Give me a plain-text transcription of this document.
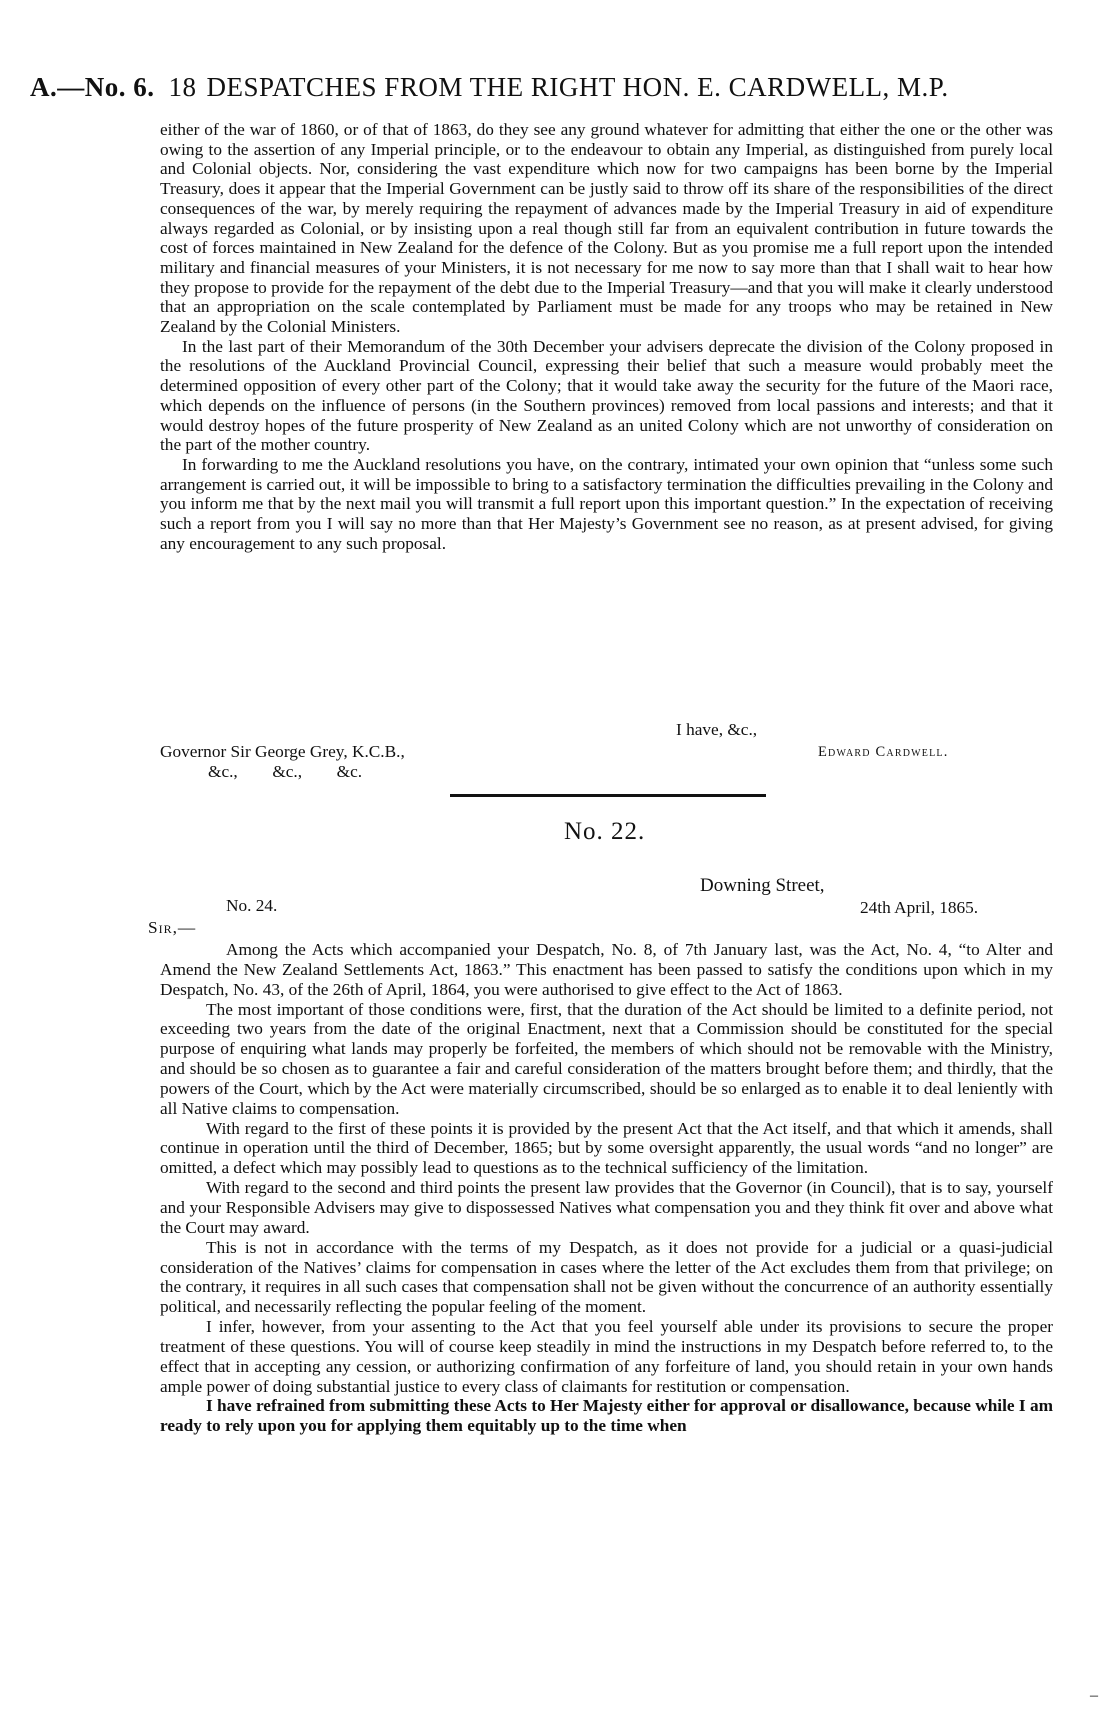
A.—No. 6. 18 DESPATCHES FROM THE RIGHT HON. E. CARDWELL, M.P.

either of the war of 1860, or of that of 1863, do they see any ground whatever for admitting that either the one or the other was owing to the assertion of any Imperial principle, or to the endeavour to obtain any Imperial, as distinguished from purely local and Colonial objects. Nor, considering the vast expenditure which now for two campaigns has been borne by the Imperial Treasury, does it appear that the Imperial Government can be justly said to throw off its share of the responsibilities of the direct consequences of the war, by merely requiring the repayment of advances made by the Imperial Treasury in aid of expenditure always regarded as Colonial, or by insisting upon a real though still far from an equivalent contribution in future towards the cost of forces maintained in New Zealand for the defence of the Colony. But as you promise me a full report upon the intended military and financial measures of your Ministers, it is not necessary for me now to say more than that I shall wait to hear how they propose to provide for the repayment of the debt due to the Imperial Treasury—and that you will make it clearly understood that an appropriation on the scale contemplated by Parliament must be made for any troops who may be retained in New Zealand by the Colonial Ministers.

In the last part of their Memorandum of the 30th December your advisers deprecate the division of the Colony proposed in the resolutions of the Auckland Provincial Council, expressing their belief that such a measure would probably meet the determined opposition of every other part of the Colony; that it would take away the security for the future of the Maori race, which depends on the influence of persons (in the Southern provinces) removed from local passions and interests; and that it would destroy hopes of the future prosperity of New Zealand as an united Colony which are not unworthy of consideration on the part of the mother country.

In forwarding to me the Auckland resolutions you have, on the contrary, intimated your own opinion that “unless some such arrangement is carried out, it will be impossible to bring to a satisfactory termination the difficulties prevailing in the Colony and you inform me that by the next mail you will transmit a full report upon this important question.” In the expectation of receiving such a report from you I will say no more than that Her Majesty’s Government see no reason, as at present advised, for giving any encouragement to any such proposal.

I have, &c.,
Governor Sir George Grey, K.C.B.,
&c.,        &c.,        &c.
Edward Cardwell.
No. 22.
Downing Street,
No. 24.	24th April, 1865.
Sir,—

Among the Acts which accompanied your Despatch, No. 8, of 7th January last, was the Act, No. 4, “to Alter and Amend the New Zealand Settlements Act, 1863.” This enactment has been passed to satisfy the conditions upon which in my Despatch, No. 43, of the 26th of April, 1864, you were authorised to give effect to the Act of 1863.

The most important of those conditions were, first, that the duration of the Act should be limited to a definite period, not exceeding two years from the date of the original Enactment, next that a Commission should be constituted for the special purpose of enquiring what lands may properly be forfeited, the members of which should not be removable with the Ministry, and should be so chosen as to guarantee a fair and careful consideration of the matters brought before them; and thirdly, that the powers of the Court, which by the Act were materially circumscribed, should be so enlarged as to enable it to deal leniently with all Native claims to compensation.

With regard to the first of these points it is provided by the present Act that the Act itself, and that which it amends, shall continue in operation until the third of December, 1865; but by some oversight apparently, the usual words “and no longer” are omitted, a defect which may possibly lead to questions as to the technical sufficiency of the limitation.

With regard to the second and third points the present law provides that the Governor (in Council), that is to say, yourself and your Responsible Advisers may give to dispossessed Natives what compensation you and they think fit over and above what the Court may award.

This is not in accordance with the terms of my Despatch, as it does not provide for a judicial or a quasi-judicial consideration of the Natives’ claims for compensation in cases where the letter of the Act excludes them from that privilege; on the contrary, it requires in all such cases that compensation shall not be given without the concurrence of an authority essentially political, and necessarily reflecting the popular feeling of the moment.

I infer, however, from your assenting to the Act that you feel yourself able under its provisions to secure the proper treatment of these questions. You will of course keep steadily in mind the instructions in my Despatch before referred to, to the effect that in accepting any cession, or authorizing confirmation of any forfeiture of land, you should retain in your own hands ample power of doing substantial justice to every class of claimants for restitution or compensation.

I have refrained from submitting these Acts to Her Majesty either for approval or disallowance, because while I am ready to rely upon you for applying them equitably up to the time when

–
